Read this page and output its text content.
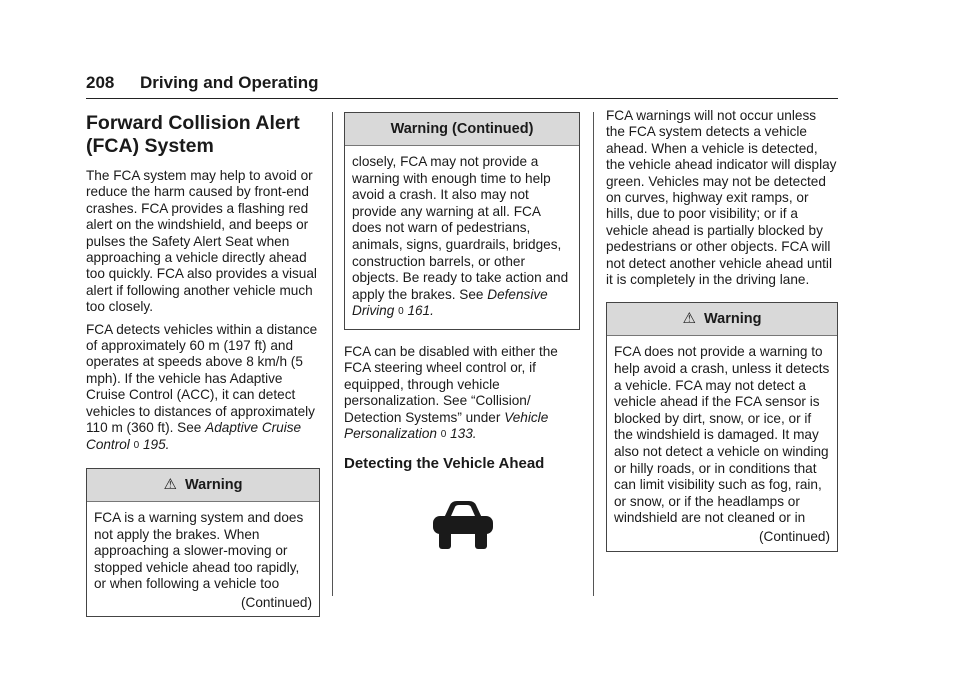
208 Driving and Operating
Forward Collision Alert
(FCA) System

The FCA system may help to avoid or reduce the harm caused by front-end crashes. FCA provides a flashing red alert on the windshield, and beeps or pulses the Safety Alert Seat when approaching a vehicle directly ahead too quickly. FCA also provides a visual alert if following another vehicle much too closely.

FCA detects vehicles within a distance of approximately 60 m (197 ft) and operates at speeds above 8 km/h (5 mph). If the vehicle has Adaptive Cruise Control (ACC), it can detect vehicles to distances of approximately 110 m (360 ft). See Adaptive Cruise Control 0 195.

⚠ Warning

FCA is a warning system and does not apply the brakes. When approaching a slower-moving or stopped vehicle ahead too rapidly, or when following a vehicle too

(Continued)
Warning (Continued)

closely, FCA may not provide a warning with enough time to help avoid a crash. It also may not provide any warning at all. FCA does not warn of pedestrians, animals, signs, guardrails, bridges, construction barrels, or other objects. Be ready to take action and apply the brakes. See Defensive Driving 0 161.

FCA can be disabled with either the FCA steering wheel control or, if equipped, through vehicle personalization. See “Collision/ Detection Systems” under Vehicle Personalization 0 133.

Detecting the Vehicle Ahead

FCA warnings will not occur unless the FCA system detects a vehicle ahead. When a vehicle is detected, the vehicle ahead indicator will display green. Vehicles may not be detected on curves, highway exit ramps, or hills, due to poor visibility; or if a vehicle ahead is partially blocked by pedestrians or other objects. FCA will not detect another vehicle ahead until it is completely in the driving lane.

⚠ Warning

FCA does not provide a warning to help avoid a crash, unless it detects a vehicle. FCA may not detect a vehicle ahead if the FCA sensor is blocked by dirt, snow, or ice, or if the windshield is damaged. It may also not detect a vehicle on winding or hilly roads, or in conditions that can limit visibility such as fog, rain, or snow, or if the headlamps or windshield are not cleaned or in

(Continued)
